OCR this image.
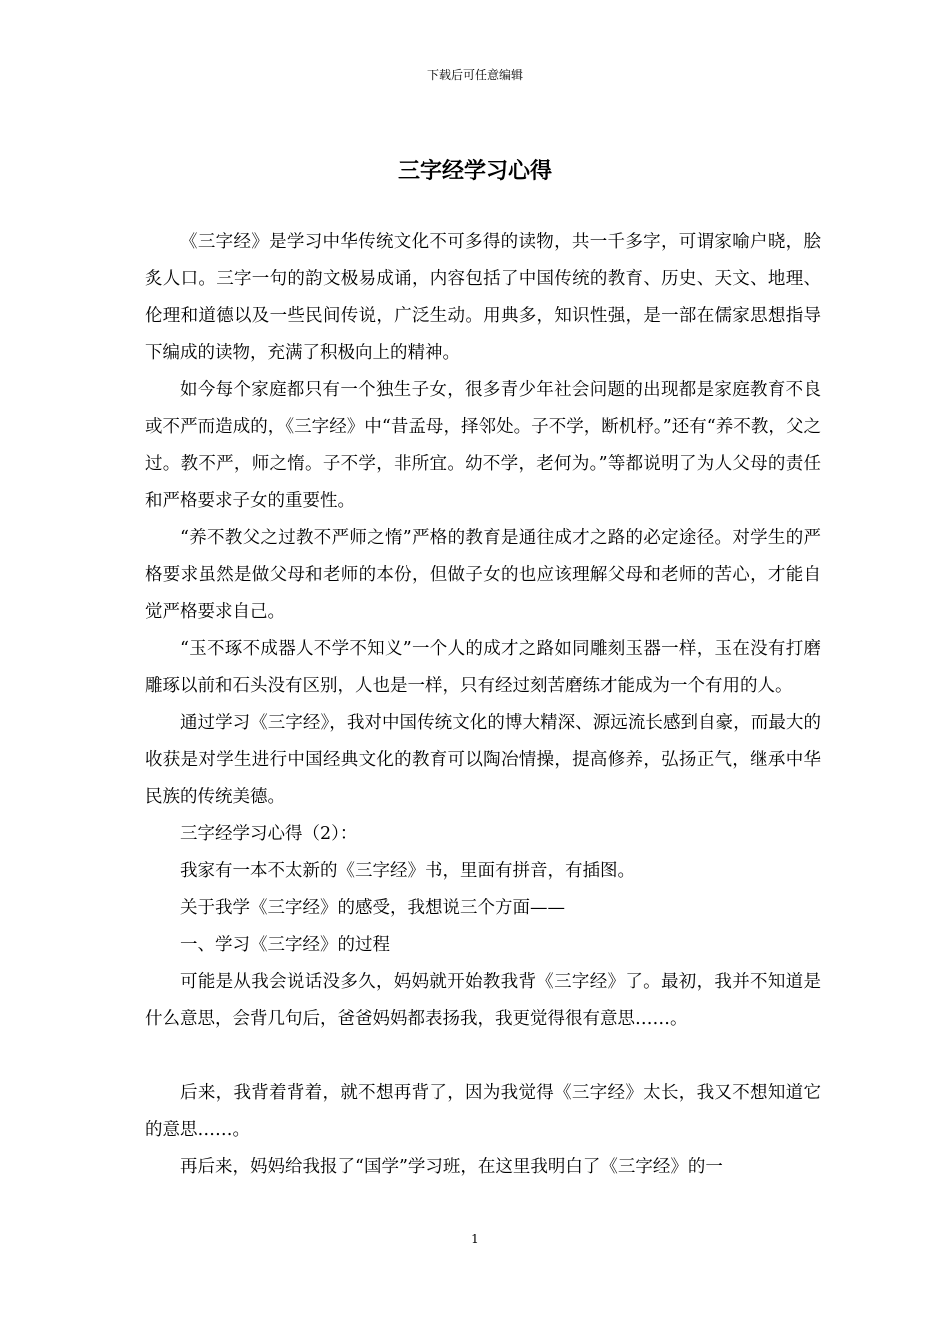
下载后可任意编辑
三字经学习心得

《三字经》是学习中华传统文化不可多得的读物，共一千多字，可谓家喻户晓，脍炙人口。三字一句的韵文极易成诵，内容包括了中国传统的教育、历史、天文、地理、伦理和道德以及一些民间传说，广泛生动。用典多，知识性强，是一部在儒家思想指导下编成的读物，充满了积极向上的精神。

如今每个家庭都只有一个独生子女，很多青少年社会问题的出现都是家庭教育不良或不严而造成的，《三字经》中“昔孟母，择邻处。子不学，断机杼。”还有“养不教，父之过。教不严，师之惰。子不学，非所宜。幼不学，老何为。”等都说明了为人父母的责任和严格要求子女的重要性。

“养不教父之过教不严师之惰”严格的教育是通往成才之路的必定途径。对学生的严格要求虽然是做父母和老师的本份，但做子女的也应该理解父母和老师的苦心，才能自觉严格要求自己。

“玉不琢不成器人不学不知义”一个人的成才之路如同雕刻玉器一样，玉在没有打磨雕琢以前和石头没有区别，人也是一样，只有经过刻苦磨练才能成为一个有用的人。

通过学习《三字经》，我对中国传统文化的博大精深、源远流长感到自豪，而最大的收获是对学生进行中国经典文化的教育可以陶冶情操，提高修养，弘扬正气，继承中华民族的传统美德。

三字经学习心得（2）：

我家有一本不太新的《三字经》书，里面有拼音，有插图。

关于我学《三字经》的感受，我想说三个方面——

一、学习《三字经》的过程

可能是从我会说话没多久，妈妈就开始教我背《三字经》了。最初，我并不知道是什么意思，会背几句后，爸爸妈妈都表扬我，我更觉得很有意思……。

后来，我背着背着，就不想再背了，因为我觉得《三字经》太长，我又不想知道它的意思……。

再后来，妈妈给我报了“国学”学习班，在这里我明白了《三字经》的一

1
